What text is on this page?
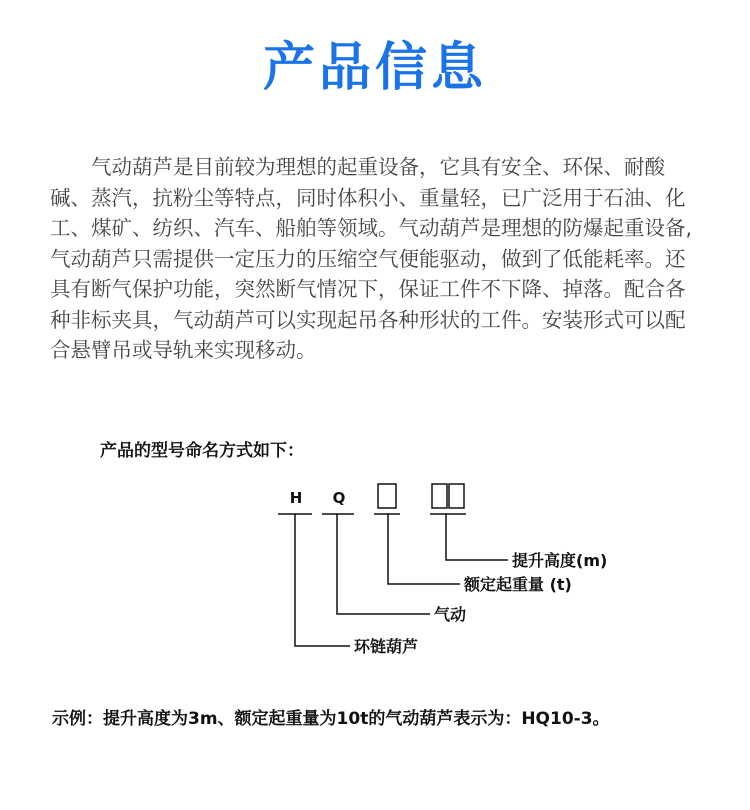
产品信息

气动葫芦是目前较为理想的起重设备，它具有安全、环保、耐酸碱、蒸汽，抗粉尘等特点，同时体积小、重量轻，已广泛用于石油、化工、煤矿、纺织、汽车、船舶等领域。气动葫芦是理想的防爆起重设备,气动葫芦只需提供一定压力的压缩空气便能驱动，做到了低能耗率。还具有断气保护功能，突然断气情况下，保证工件不下降、掉落。配合各种非标夹具，气动葫芦可以实现起吊各种形状的工件。安装形式可以配合悬臂吊或导轨来实现移动。

产品的型号命名方式如下：
H Q
提升高度(m)
额定起重量 (t)
气动
环链葫芦
示例：提升高度为3m、额定起重量为10t的气动葫芦表示为：HQ10-3。
